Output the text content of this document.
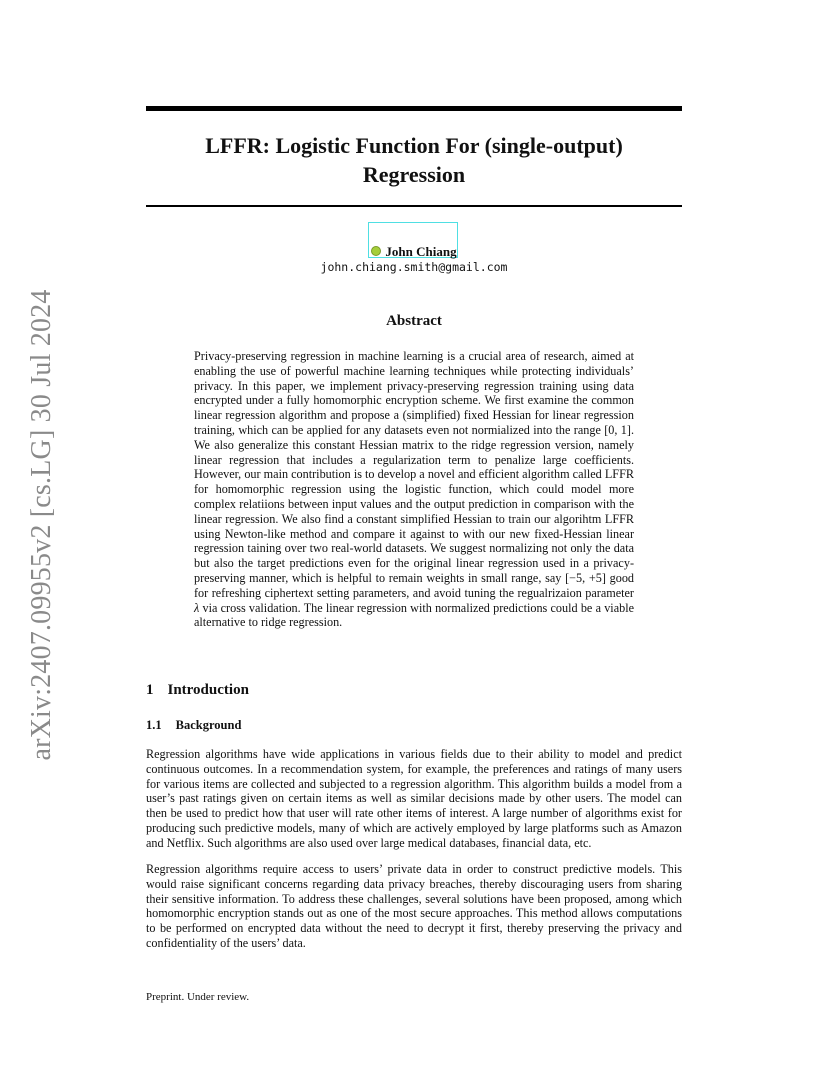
arXiv:2407.09955v2 [cs.LG] 30 Jul 2024
LFFR: Logistic Function For (single-output)
Regression
John Chiang
john.chiang.smith@gmail.com
Abstract

Privacy-preserving regression in machine learning is a crucial area of research, aimed at enabling the use of powerful machine learning techniques while protecting individuals’ privacy. In this paper, we implement privacy-preserving regression training using data encrypted under a fully homomorphic encryption scheme. We first examine the common linear regression algorithm and propose a (simplified) fixed Hessian for linear regression training, which can be applied for any datasets even not normialized into the range [0, 1]. We also generalize this constant Hessian matrix to the ridge regression version, namely linear regression that includes a regularization term to penalize large coefficients. However, our main contribution is to develop a novel and efficient algorithm called LFFR for homomorphic regression using the logistic function, which could model more complex relatiions between input values and the output prediction in comparison with the linear regression. We also find a constant simplified Hessian to train our algorihtm LFFR using Newton-like method and compare it against to with our new fixed-Hessian linear regression taining over two real-world datasets. We suggest normalizing not only the data but also the target predictions even for the original linear regression used in a privacy-preserving manner, which is helpful to remain weights in small range, say [−5, +5] good for refreshing ciphertext setting parameters, and avoid tuning the regualrizaion parameter λ via cross validation. The linear regression with normalized predictions could be a viable alternative to ridge regression.

1 Introduction
1.1 Background

Regression algorithms have wide applications in various fields due to their ability to model and predict continuous outcomes. In a recommendation system, for example, the preferences and ratings of many users for various items are collected and subjected to a regression algorithm. This algorithm builds a model from a user’s past ratings given on certain items as well as similar decisions made by other users. The model can then be used to predict how that user will rate other items of interest. A large number of algorithms exist for producing such predictive models, many of which are actively employed by large platforms such as Amazon and Netflix. Such algorithms are also used over large medical databases, financial data, etc.

Regression algorithms require access to users’ private data in order to construct predictive models. This would raise significant concerns regarding data privacy breaches, thereby discouraging users from sharing their sensitive information. To address these challenges, several solutions have been proposed, among which homomorphic encryption stands out as one of the most secure approaches. This method allows computations to be performed on encrypted data without the need to decrypt it first, thereby preserving the privacy and confidentiality of the users’ data.

Preprint. Under review.
